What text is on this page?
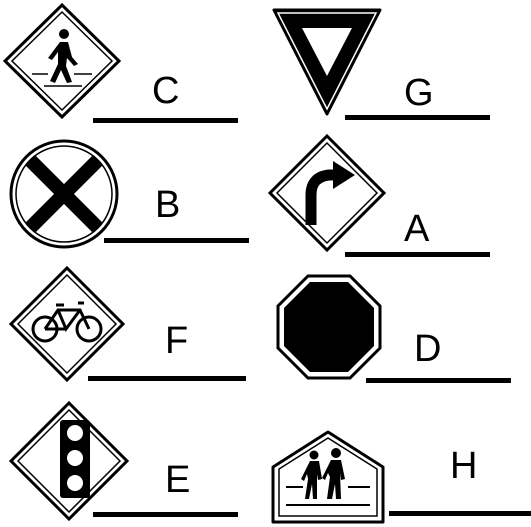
C	G
B
A
F	D
E	H
